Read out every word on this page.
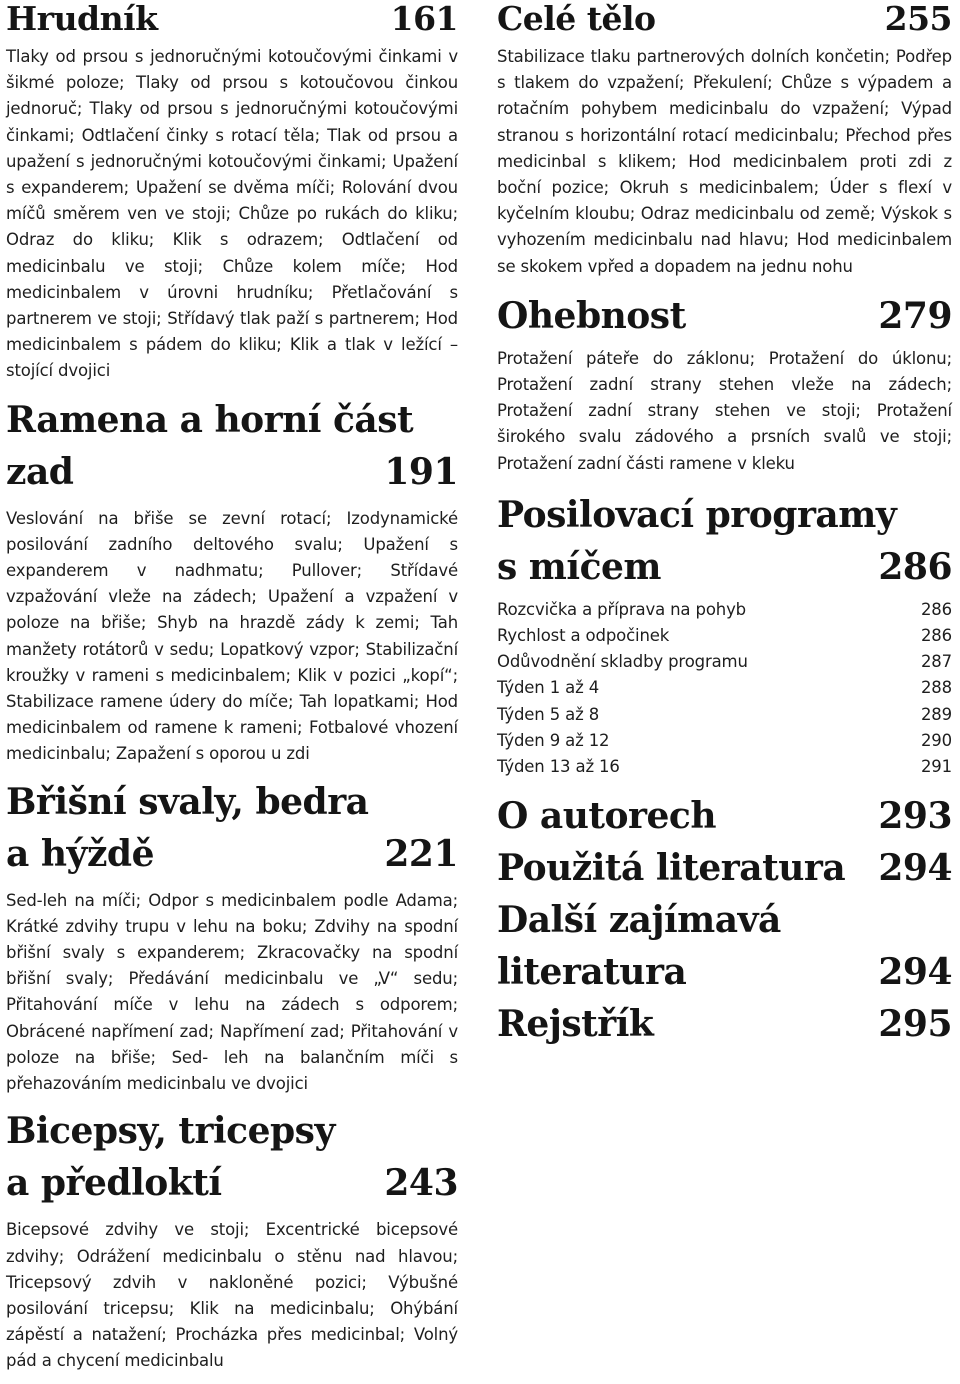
Hrudník	161
Tlaky od prsou s jednoručnými kotoučovými činkami v šikmé poloze; Tlaky od prsou s kotoučovou činkou jednoruč; Tlaky od prsou s jednoručnými kotoučovými činkami; Odtlačení činky s rotací těla; Tlak od prsou a upažení s jednoručnými kotoučovými činkami; Upažení s expanderem; Upažení se dvěma míči; Rolování dvou míčů směrem ven ve stoji; Chůze po rukách do kliku; Odraz do kliku; Klik s odrazem; Odtlačení od medicinbalu ve stoji; Chůze kolem míče; Hod medicinbalem v úrovni hrudníku; Přetlačování s partnerem ve stoji; Střídavý tlak paží s partnerem; Hod medicinbalem s pádem do kliku; Klik a tlak v ležící – stojící dvojici
Ramena a horní část
zad	191
Veslování na břiše se zevní rotací; Izodynamické posilování zadního deltového svalu; Upažení s expanderem v nadhmatu; Pullover; Střídavé vzpažování vleže na zádech; Upažení a vzpažení v poloze na břiše; Shyb na hrazdě zády k zemi; Tah manžety rotátorů v sedu; Lopatkový vzpor; Stabilizační kroužky v rameni s medicinbalem; Klik v pozici „kopí“; Stabilizace ramene údery do míče; Tah lopatkami; Hod medicinbalem od ramene k rameni; Fotbalové vhození medicinbalu; Zapažení s oporou u zdi
Břišní svaly, bedra
a hýždě	221
Sed-leh na míči; Odpor s medicinbalem podle Adama; Krátké zdvihy trupu v lehu na boku; Zdvihy na spodní břišní svaly s expanderem; Zkracovačky na spodní břišní svaly; Předávání medicinbalu ve „V“ sedu; Přitahování míče v lehu na zádech s odporem; Obrácené napřímení zad; Napřímení zad; Přitahování v poloze na břiše; Sed- leh na balančním míči s přehazováním medicinbalu ve dvojici
Bicepsy, tricepsy
a předloktí	243
Bicepsové zdvihy ve stoji; Excentrické bicepsové zdvihy; Odrážení medicinbalu o stěnu nad hlavou; Tricepsový zdvih v nakloněné pozici; Výbušné posilování tricepsu; Klik na medicinbalu; Ohýbání zápěstí a natažení; Procházka přes medicinbal; Volný pád a chycení medicinbalu
Celé tělo	255
Stabilizace tlaku partnerových dolních končetin; Podřep s tlakem do vzpažení; Překulení; Chůze s výpadem a rotačním pohybem medicinbalu do vzpažení; Výpad stranou s horizontální rotací medicinbalu; Přechod přes medicinbal s klikem; Hod medicinbalem proti zdi z boční pozice; Okruh s medicinbalem; Úder s flexí v kyčelním kloubu; Odraz medicinbalu od země; Výskok s vyhozením medicinbalu nad hlavu; Hod medicinbalem se skokem vpřed a dopadem na jednu nohu
Ohebnost	279
Protažení páteře do záklonu; Protažení do úklonu; Protažení zadní strany stehen vleže na zádech; Protažení zadní strany stehen ve stoji; Protažení širokého svalu zádového a prsních svalů ve stoji; Protažení zadní části ramene v kleku
Posilovací programy
s míčem	286
Rozcvička a příprava na pohyb	286
Rychlost a odpočinek	286
Odůvodnění skladby programu	287
Týden 1 až 4	288
Týden 5 až 8	289
Týden 9 až 12	290
Týden 13 až 16	291
O autorech	293
Použitá literatura 294
Další zajímavá
literatura	294
Rejstřík	295
